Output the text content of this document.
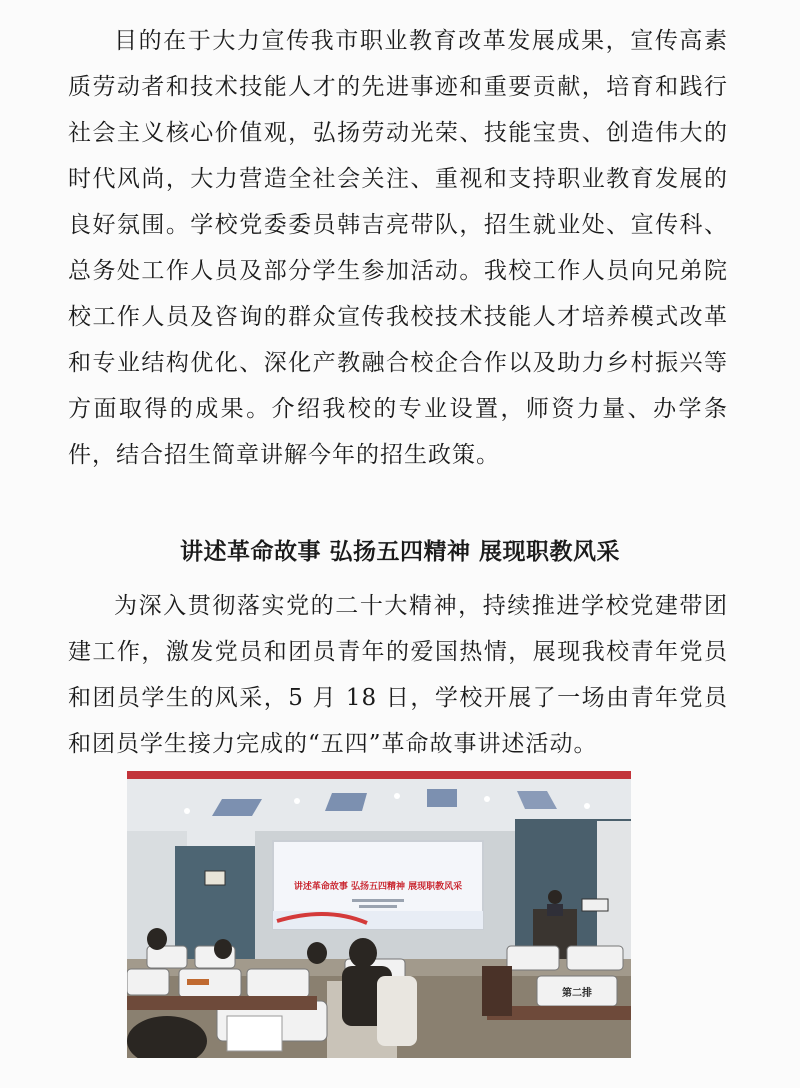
目的在于大力宣传我市职业教育改革发展成果，宣传高素质劳动者和技术技能人才的先进事迹和重要贡献，培育和践行社会主义核心价值观，弘扬劳动光荣、技能宝贵、创造伟大的时代风尚，大力营造全社会关注、重视和支持职业教育发展的良好氛围。学校党委委员韩吉亮带队，招生就业处、宣传科、总务处工作人员及部分学生参加活动。我校工作人员向兄弟院校工作人员及咨询的群众宣传我校技术技能人才培养模式改革和专业结构优化、深化产教融合校企合作以及助力乡村振兴等方面取得的成果。介绍我校的专业设置，师资力量、办学条件，结合招生简章讲解今年的招生政策。

讲述革命故事 弘扬五四精神 展现职教风采

为深入贯彻落实党的二十大精神，持续推进学校党建带团建工作，激发党员和团员青年的爱国热情，展现我校青年党员和团员学生的风采，5 月 18 日，学校开展了一场由青年党员和团员学生接力完成的“五四”革命故事讲述活动。

讲述革命故事 弘扬五四精神 展现职教风采
第二排
